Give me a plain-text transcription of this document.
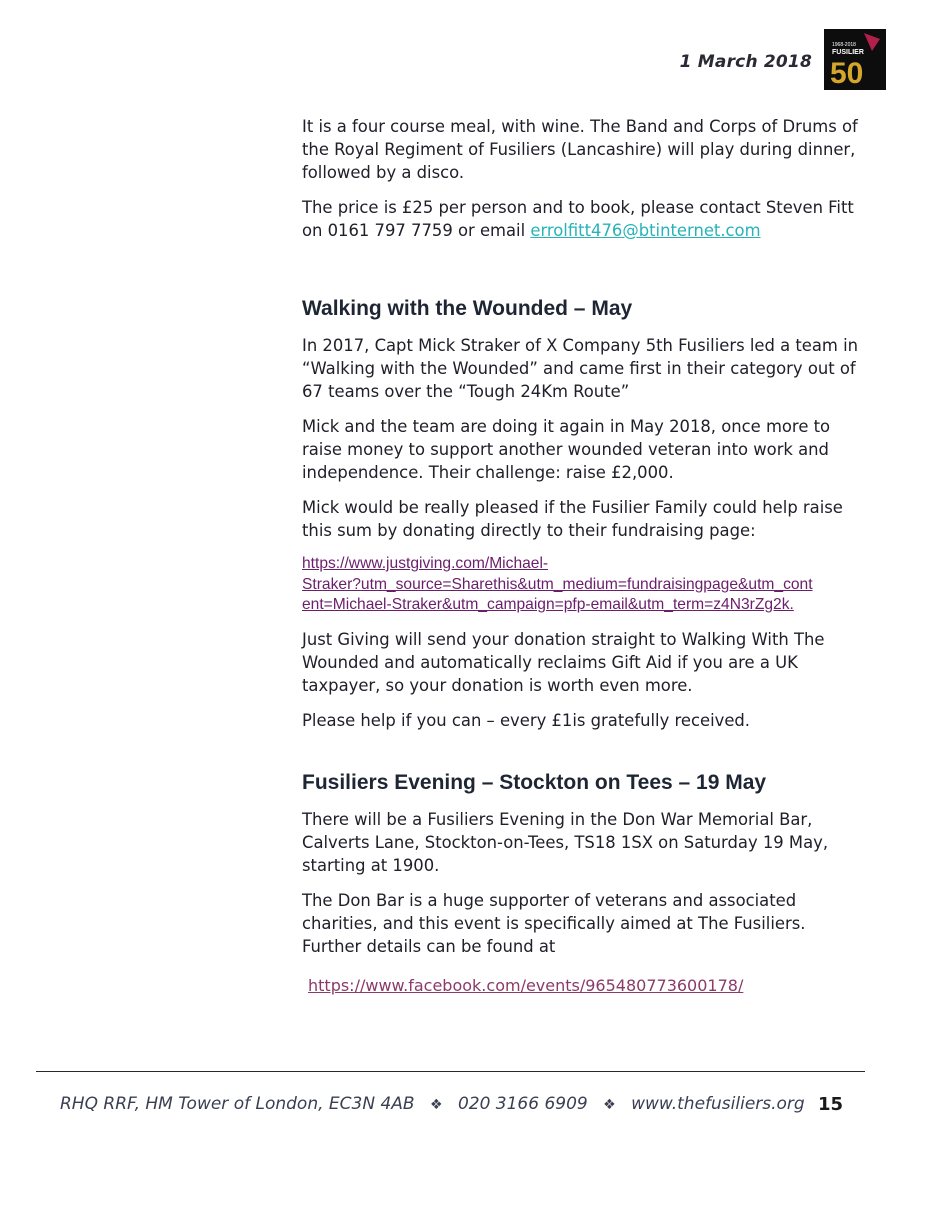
1 March 2018
1968-2018
FUSILIER
50

It is a four course meal, with wine. The Band and Corps of Drums of the Royal Regiment of Fusiliers (Lancashire) will play during dinner, followed by a disco.

The price is £25 per person and to book, please contact Steven Fitt on 0161 797 7759 or email errolfitt476@btinternet.com

Walking with the Wounded – May

In 2017, Capt Mick Straker of X Company 5th Fusiliers led a team in “Walking with the Wounded” and came first in their category out of 67 teams over the “Tough 24Km Route”

Mick and the team are doing it again in May 2018, once more to raise money to support another wounded veteran into work and independence. Their challenge: raise £2,000.

Mick would be really pleased if the Fusilier Family could help raise this sum by donating directly to their fundraising page:

https://www.justgiving.com/Michael-
Straker?utm_source=Sharethis&utm_medium=fundraisingpage&utm_cont
ent=Michael-Straker&utm_campaign=pfp-email&utm_term=z4N3rZg2k.

Just Giving will send your donation straight to Walking With The Wounded and automatically reclaims Gift Aid if you are a UK taxpayer, so your donation is worth even more.

Please help if you can – every £1is gratefully received.

Fusiliers Evening – Stockton on Tees – 19 May

There will be a Fusiliers Evening in the Don War Memorial Bar, Calverts Lane, Stockton-on-Tees, TS18 1SX on Saturday 19 May, starting at 1900.

The Don Bar is a huge supporter of veterans and associated charities, and this event is specifically aimed at The Fusiliers. Further details can be found at

https://www.facebook.com/events/965480773600178/
RHQ RRF, HM Tower of London, EC3N 4AB ❖ 020 3166 6909 ❖ www.thefusiliers.org 15
